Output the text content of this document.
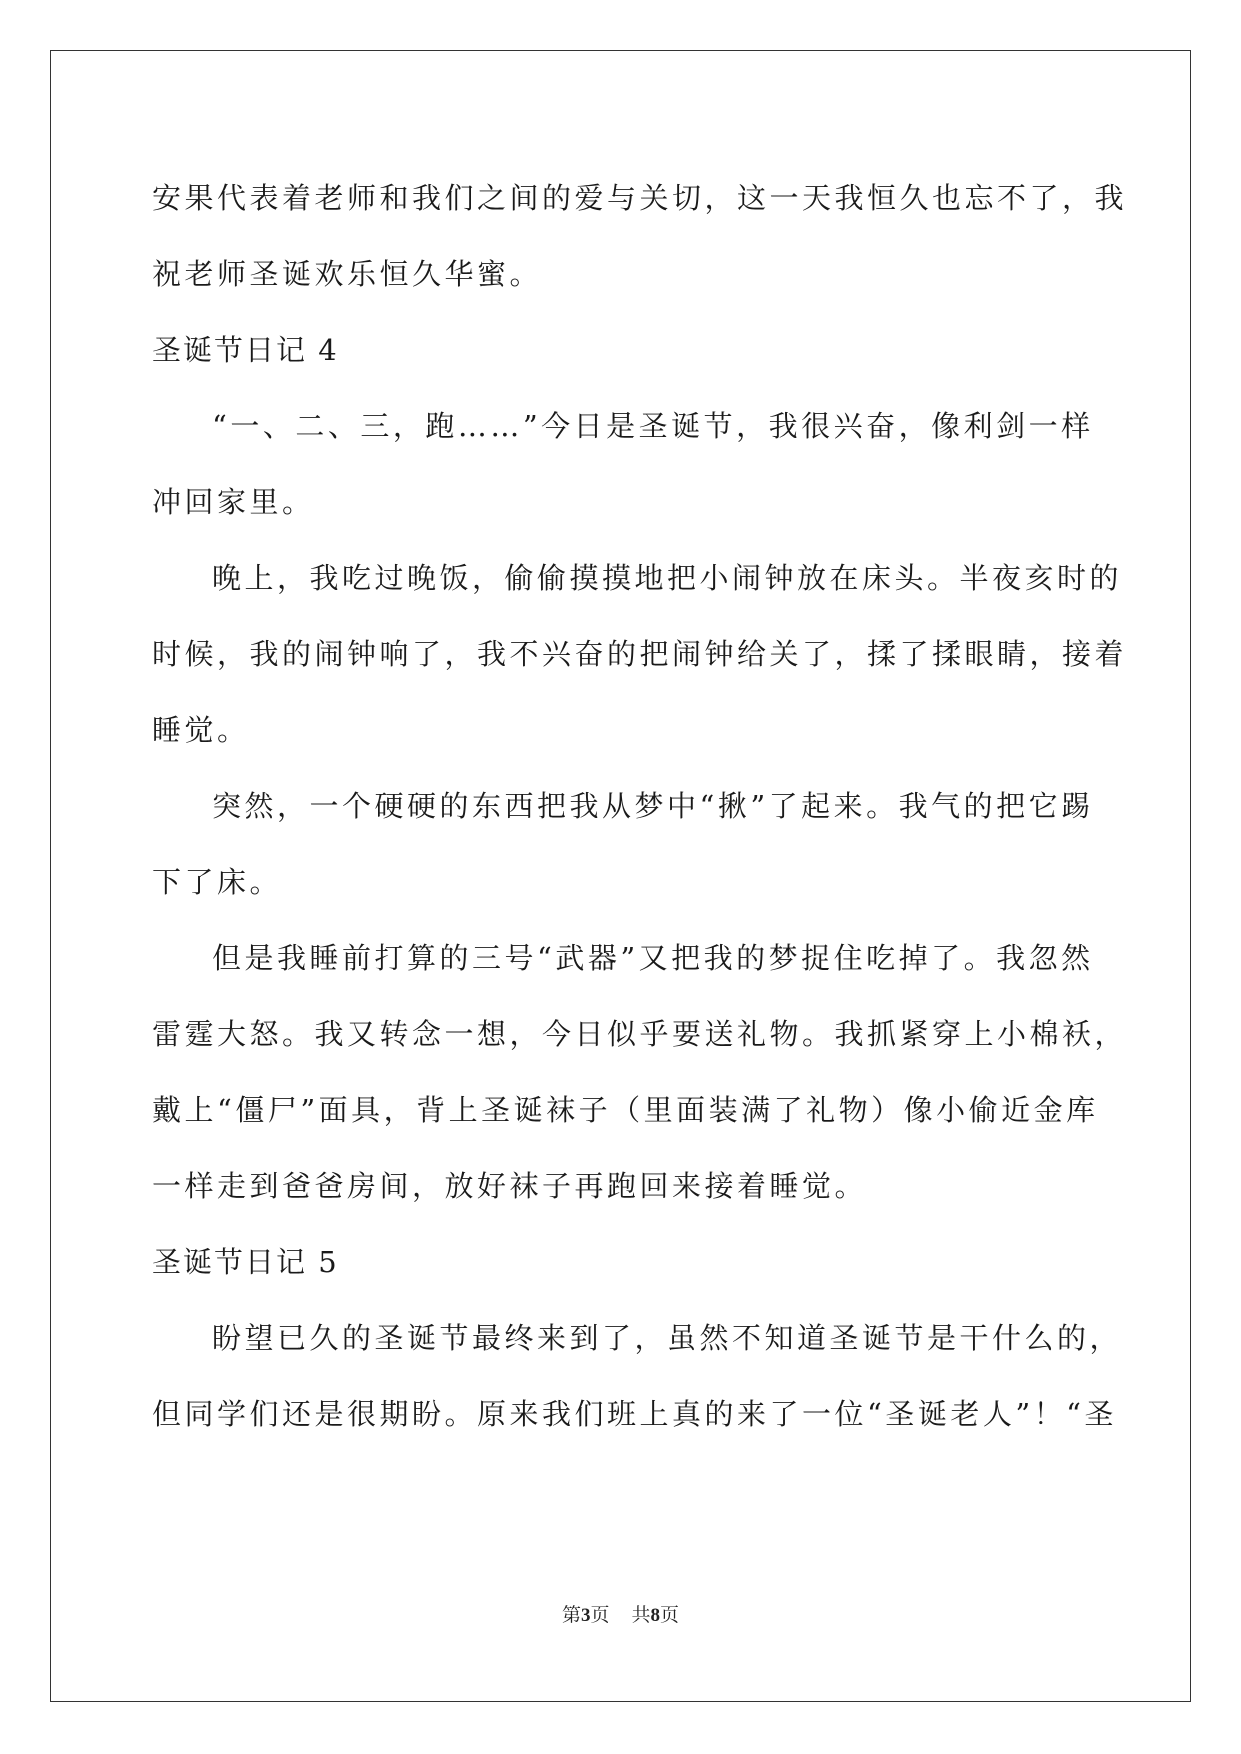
安果代表着老师和我们之间的爱与关切，这一天我恒久也忘不了，我
祝老师圣诞欢乐恒久华蜜。
圣诞节日记 4
“一、二、三，跑……”今日是圣诞节，我很兴奋，像利剑一样
冲回家里。
晚上，我吃过晚饭，偷偷摸摸地把小闹钟放在床头。半夜亥时的
时候，我的闹钟响了，我不兴奋的把闹钟给关了，揉了揉眼睛，接着
睡觉。
突然，一个硬硬的东西把我从梦中“揪”了起来。我气的把它踢
下了床。
但是我睡前打算的三号“武器”又把我的梦捉住吃掉了。我忽然
雷霆大怒。我又转念一想，今日似乎要送礼物。我抓紧穿上小棉袄，
戴上“僵尸”面具，背上圣诞袜子（里面装满了礼物）像小偷近金库
一样走到爸爸房间，放好袜子再跑回来接着睡觉。
圣诞节日记 5
盼望已久的圣诞节最终来到了，虽然不知道圣诞节是干什么的，
但同学们还是很期盼。原来我们班上真的来了一位“圣诞老人”！“圣
第3页 共8页
